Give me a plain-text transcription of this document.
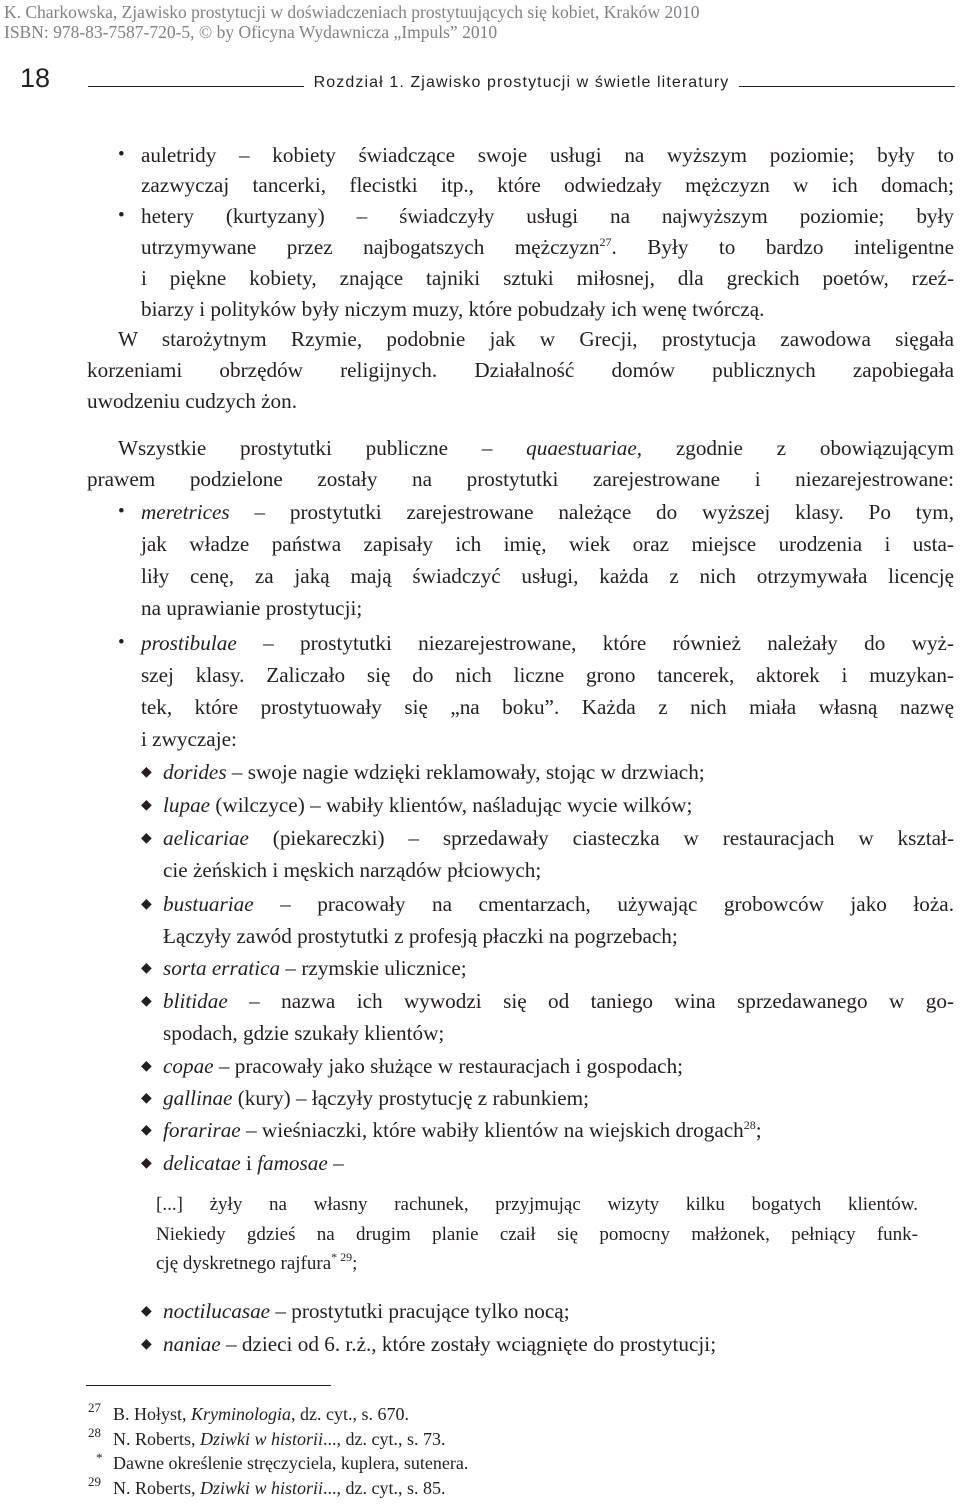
K. Charkowska, Zjawisko prostytucji w doświadczeniach prostytuujących się kobiet, Kraków 2010
ISBN: 978-83-7587-720-5, © by Oficyna Wydawnicza „Impuls” 2010
18	Rozdział 1. Zjawisko prostytucji w świetle literatury
• auletridy – kobiety świadczące swoje usługi na wyższym poziomie; były to
zazwyczaj tancerki, flecistki itp., które odwiedzały mężczyzn w ich domach;
• hetery (kurtyzany) – świadczyły usługi na najwyższym poziomie; były
utrzymywane przez najbogatszych mężczyzn$^{27}$. Były to bardzo inteligentne
i piękne kobiety, znające tajniki sztuki miłosnej, dla greckich poetów, rzeź-
biarzy i polityków były niczym muzy, które pobudzały ich wenę twórczą.
W starożytnym Rzymie, podobnie jak w Grecji, prostytucja zawodowa sięgała
korzeniami obrzędów religijnych. Działalność domów publicznych zapobiegała
uwodzeniu cudzych żon.
Wszystkie prostytutki publiczne – quaestuariae, zgodnie z obowiązującym
prawem podzielone zostały na prostytutki zarejestrowane i niezarejestrowane:
• meretrices – prostytutki zarejestrowane należące do wyższej klasy. Po tym,
jak władze państwa zapisały ich imię, wiek oraz miejsce urodzenia i usta-
liły cenę, za jaką mają świadczyć usługi, każda z nich otrzymywała licencję
na uprawianie prostytucji;
• prostibulae – prostytutki niezarejestrowane, które również należały do wyż-
szej klasy. Zaliczało się do nich liczne grono tancerek, aktorek i muzykan-
tek, które prostytuowały się „na boku”. Każda z nich miała własną nazwę
i zwyczaje:
◆ dorides – swoje nagie wdzięki reklamowały, stojąc w drzwiach;
◆ lupae (wilczyce) – wabiły klientów, naśladując wycie wilków;
◆ aelicariae (piekareczki) – sprzedawały ciasteczka w restauracjach w kształ-
cie żeńskich i męskich narządów płciowych;
◆ bustuariae – pracowały na cmentarzach, używając grobowców jako łoża.
Łączyły zawód prostytutki z profesją płaczki na pogrzebach;
◆ sorta erratica – rzymskie ulicznice;
◆ blitidae – nazwa ich wywodzi się od taniego wina sprzedawanego w go-
spodach, gdzie szukały klientów;
◆ copae – pracowały jako służące w restauracjach i gospodach;
◆ gallinae (kury) – łączyły prostytucję z rabunkiem;
◆ forarirae – wieśniaczki, które wabiły klientów na wiejskich drogach$^{28}$;
◆ delicatae i famosae –
[...] żyły na własny rachunek, przyjmując wizyty kilku bogatych klientów.
Niekiedy gdzieś na drugim planie czaił się pomocny małżonek, pełniący funk-
cję dyskretnego rajfura$^{* 29}$;
◆ noctilucasae – prostytutki pracujące tylko nocą;
◆ naniae – dzieci od 6. r.ż., które zostały wciągnięte do prostytucji;
27 B. Hołyst, Kryminologia, dz. cyt., s. 670.
28 N. Roberts, Dziwki w historii..., dz. cyt., s. 73.
* Dawne określenie stręczyciela, kuplera, sutenera.
29 N. Roberts, Dziwki w historii..., dz. cyt., s. 85.
